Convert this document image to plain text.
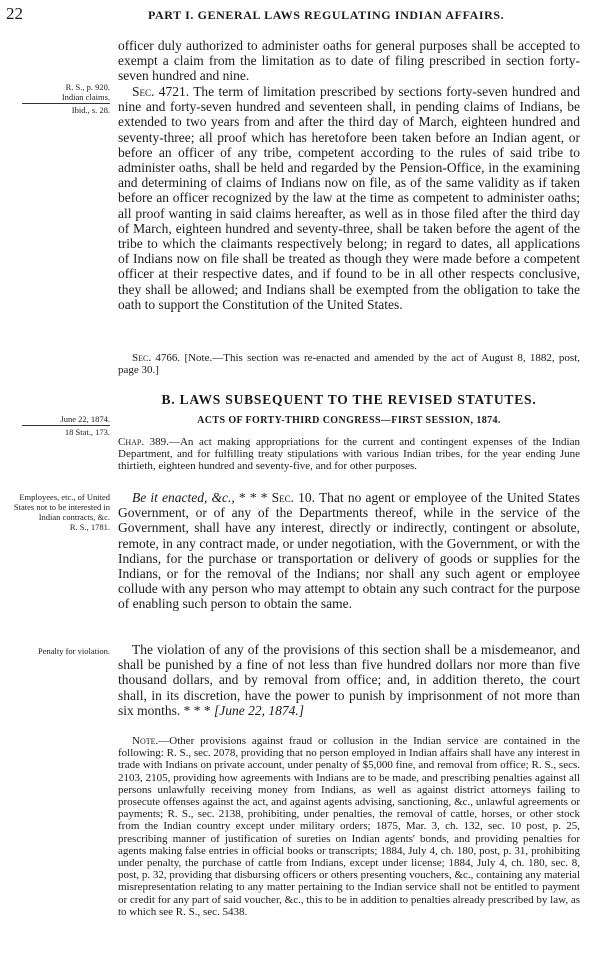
22	PART I. GENERAL LAWS REGULATING INDIAN AFFAIRS.
R. S., p. 920.
Indian claims.
Ibid., s. 28.
June 22, 1874.
18 Stat., 173.
Employees, etc., of United States not to be interested in Indian contracts, &c.
R. S., 1781.
Penalty for violation.
officer duly authorized to administer oaths for general purposes shall be accepted to exempt a claim from the limitation as to date of filing prescribed in section forty-seven hundred and nine.
Sec. 4721. The term of limitation prescribed by sections forty-seven hundred and nine and forty-seven hundred and seventeen shall, in pending claims of Indians, be extended to two years from and after the third day of March, eighteen hundred and seventy-three; all proof which has heretofore been taken before an Indian agent, or before an officer of any tribe, competent according to the rules of said tribe to administer oaths, shall be held and regarded by the Pension-Office, in the examining and determining of claims of Indians now on file, as of the same validity as if taken before an officer recognized by the law at the time as competent to administer oaths; all proof wanting in said claims hereafter, as well as in those filed after the third day of March, eighteen hundred and seventy-three, shall be taken before the agent of the tribe to which the claimants respectively belong; in regard to dates, all applications of Indians now on file shall be treated as though they were made before a competent officer at their respective dates, and if found to be in all other respects conclusive, they shall be allowed; and Indians shall be exempted from the obligation to take the oath to support the Constitution of the United States.
Sec. 4766. [Note.—This section was re-enacted and amended by the act of August 8, 1882, post, page 30.]
B. LAWS SUBSEQUENT TO THE REVISED STATUTES.
ACTS OF FORTY-THIRD CONGRESS—FIRST SESSION, 1874.
Chap. 389.—An act making appropriations for the current and contingent expenses of the Indian Department, and for fulfilling treaty stipulations with various Indian tribes, for the year ending June thirtieth, eighteen hundred and seventy-five, and for other purposes.
Be it enacted, &c., * * * Sec. 10. That no agent or employee of the United States Government, or of any of the Departments thereof, while in the service of the Government, shall have any interest, directly or indirectly, contingent or absolute, remote, in any contract made, or under negotiation, with the Government, or with the Indians, for the purchase or transportation or delivery of goods or supplies for the Indians, or for the removal of the Indians; nor shall any such agent or employee collude with any person who may attempt to obtain any such contract for the purpose of enabling such person to obtain the same.
The violation of any of the provisions of this section shall be a misdemeanor, and shall be punished by a fine of not less than five hundred dollars nor more than five thousand dollars, and by removal from office; and, in addition thereto, the court shall, in its discretion, have the power to punish by imprisonment of not more than six months. * * * [June 22, 1874.]
Note.—Other provisions against fraud or collusion in the Indian service are contained in the following: R. S., sec. 2078, providing that no person employed in Indian affairs shall have any interest in trade with Indians on private account, under penalty of $5,000 fine, and removal from office; R. S., secs. 2103, 2105, providing how agreements with Indians are to be made, and prescribing penalties against all persons unlawfully receiving money from Indians, as well as against district attorneys failing to prosecute offenses against the act, and against agents advising, sanctioning, &c., unlawful agreements or payments; R. S., sec. 2138, prohibiting, under penalties, the removal of cattle, horses, or other stock from the Indian country except under military orders; 1875, Mar. 3, ch. 132, sec. 10 post, p. 25, prescribing manner of justification of sureties on Indian agents' bonds, and providing penalties for agents making false entries in official books or transcripts; 1884, July 4, ch. 180, post, p. 31, prohibiting under penalty, the purchase of cattle from Indians, except under license; 1884, July 4, ch. 180, sec. 8, post, p. 32, providing that disbursing officers or others presenting vouchers, &c., containing any material misrepresentation relating to any matter pertaining to the Indian service shall not be entitled to payment or credit for any part of said voucher, &c., this to be in addition to penalties already prescribed by law, as to which see R. S., sec. 5438.
